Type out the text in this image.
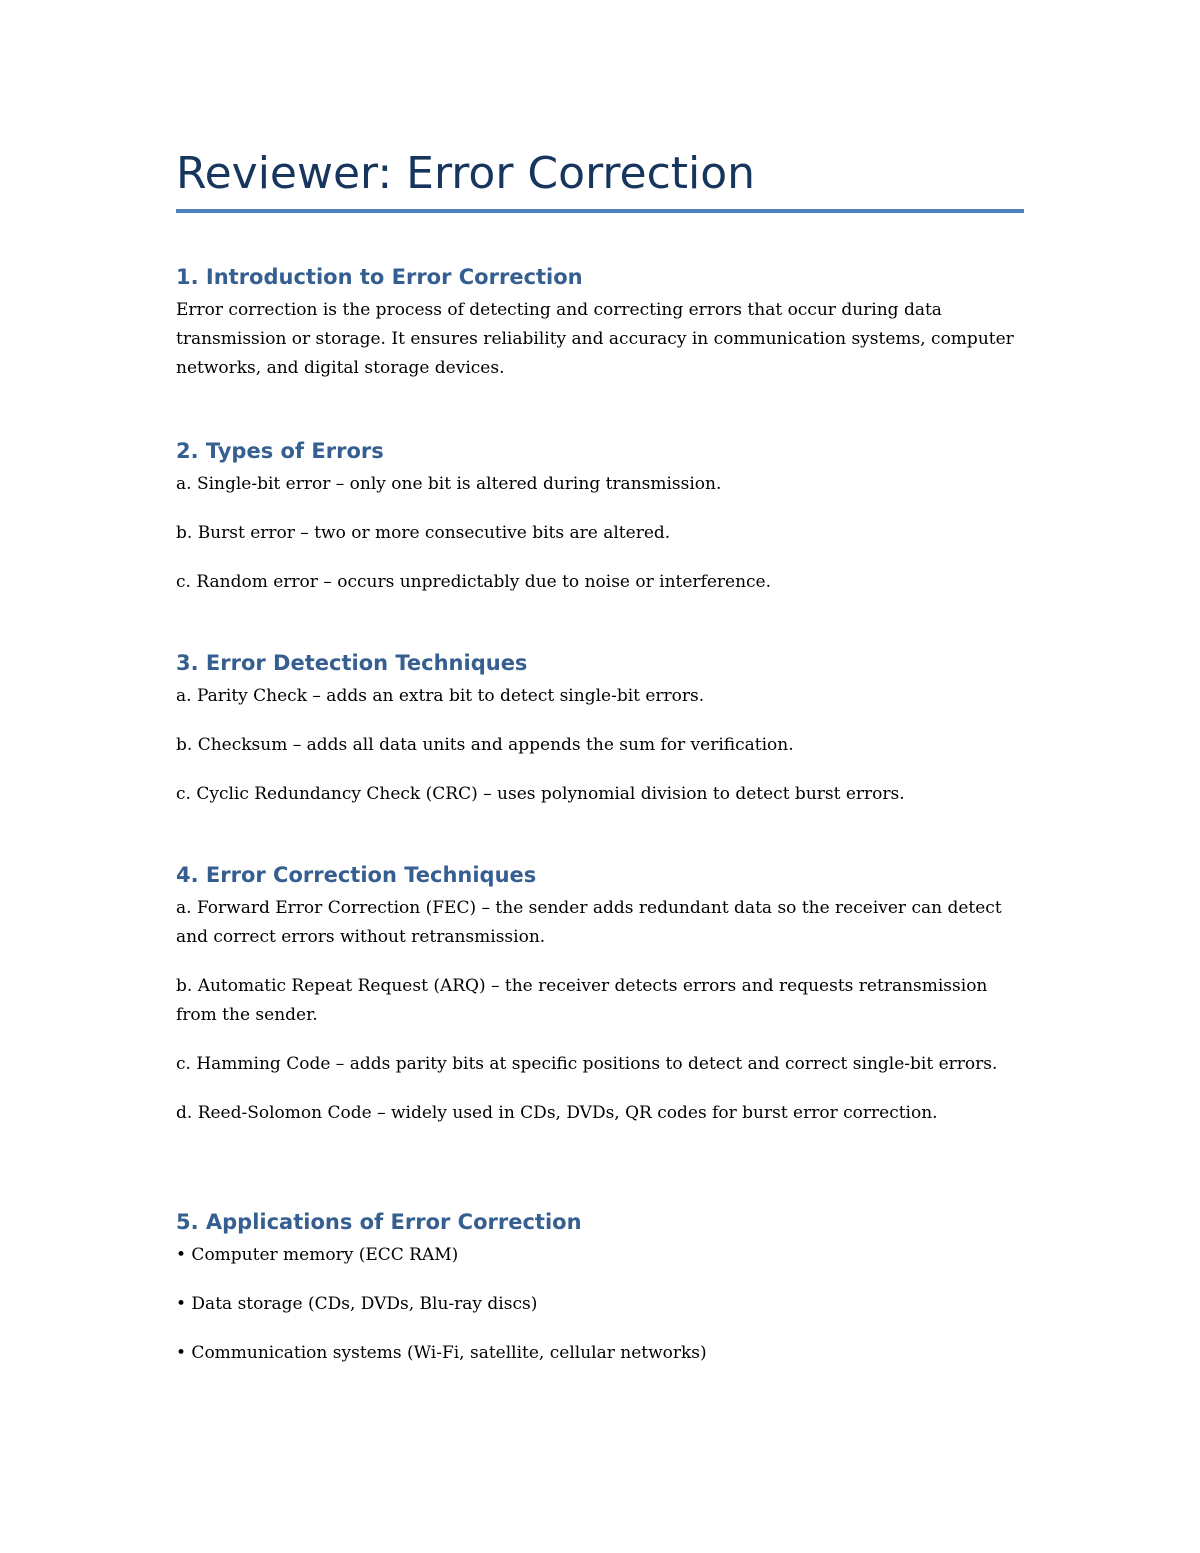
Reviewer: Error Correction
1. Introduction to Error Correction

Error correction is the process of detecting and correcting errors that occur during data transmission or storage. It ensures reliability and accuracy in communication systems, computer networks, and digital storage devices.

2. Types of Errors

a. Single-bit error – only one bit is altered during transmission.

b. Burst error – two or more consecutive bits are altered.

c. Random error – occurs unpredictably due to noise or interference.

3. Error Detection Techniques

a. Parity Check – adds an extra bit to detect single-bit errors.

b. Checksum – adds all data units and appends the sum for verification.

c. Cyclic Redundancy Check (CRC) – uses polynomial division to detect burst errors.

4. Error Correction Techniques

a. Forward Error Correction (FEC) – the sender adds redundant data so the receiver can detect and correct errors without retransmission.

b. Automatic Repeat Request (ARQ) – the receiver detects errors and requests retransmission from the sender.

c. Hamming Code – adds parity bits at specific positions to detect and correct single-bit errors.

d. Reed-Solomon Code – widely used in CDs, DVDs, QR codes for burst error correction.

5. Applications of Error Correction

• Computer memory (ECC RAM)

• Data storage (CDs, DVDs, Blu-ray discs)

• Communication systems (Wi-Fi, satellite, cellular networks)
